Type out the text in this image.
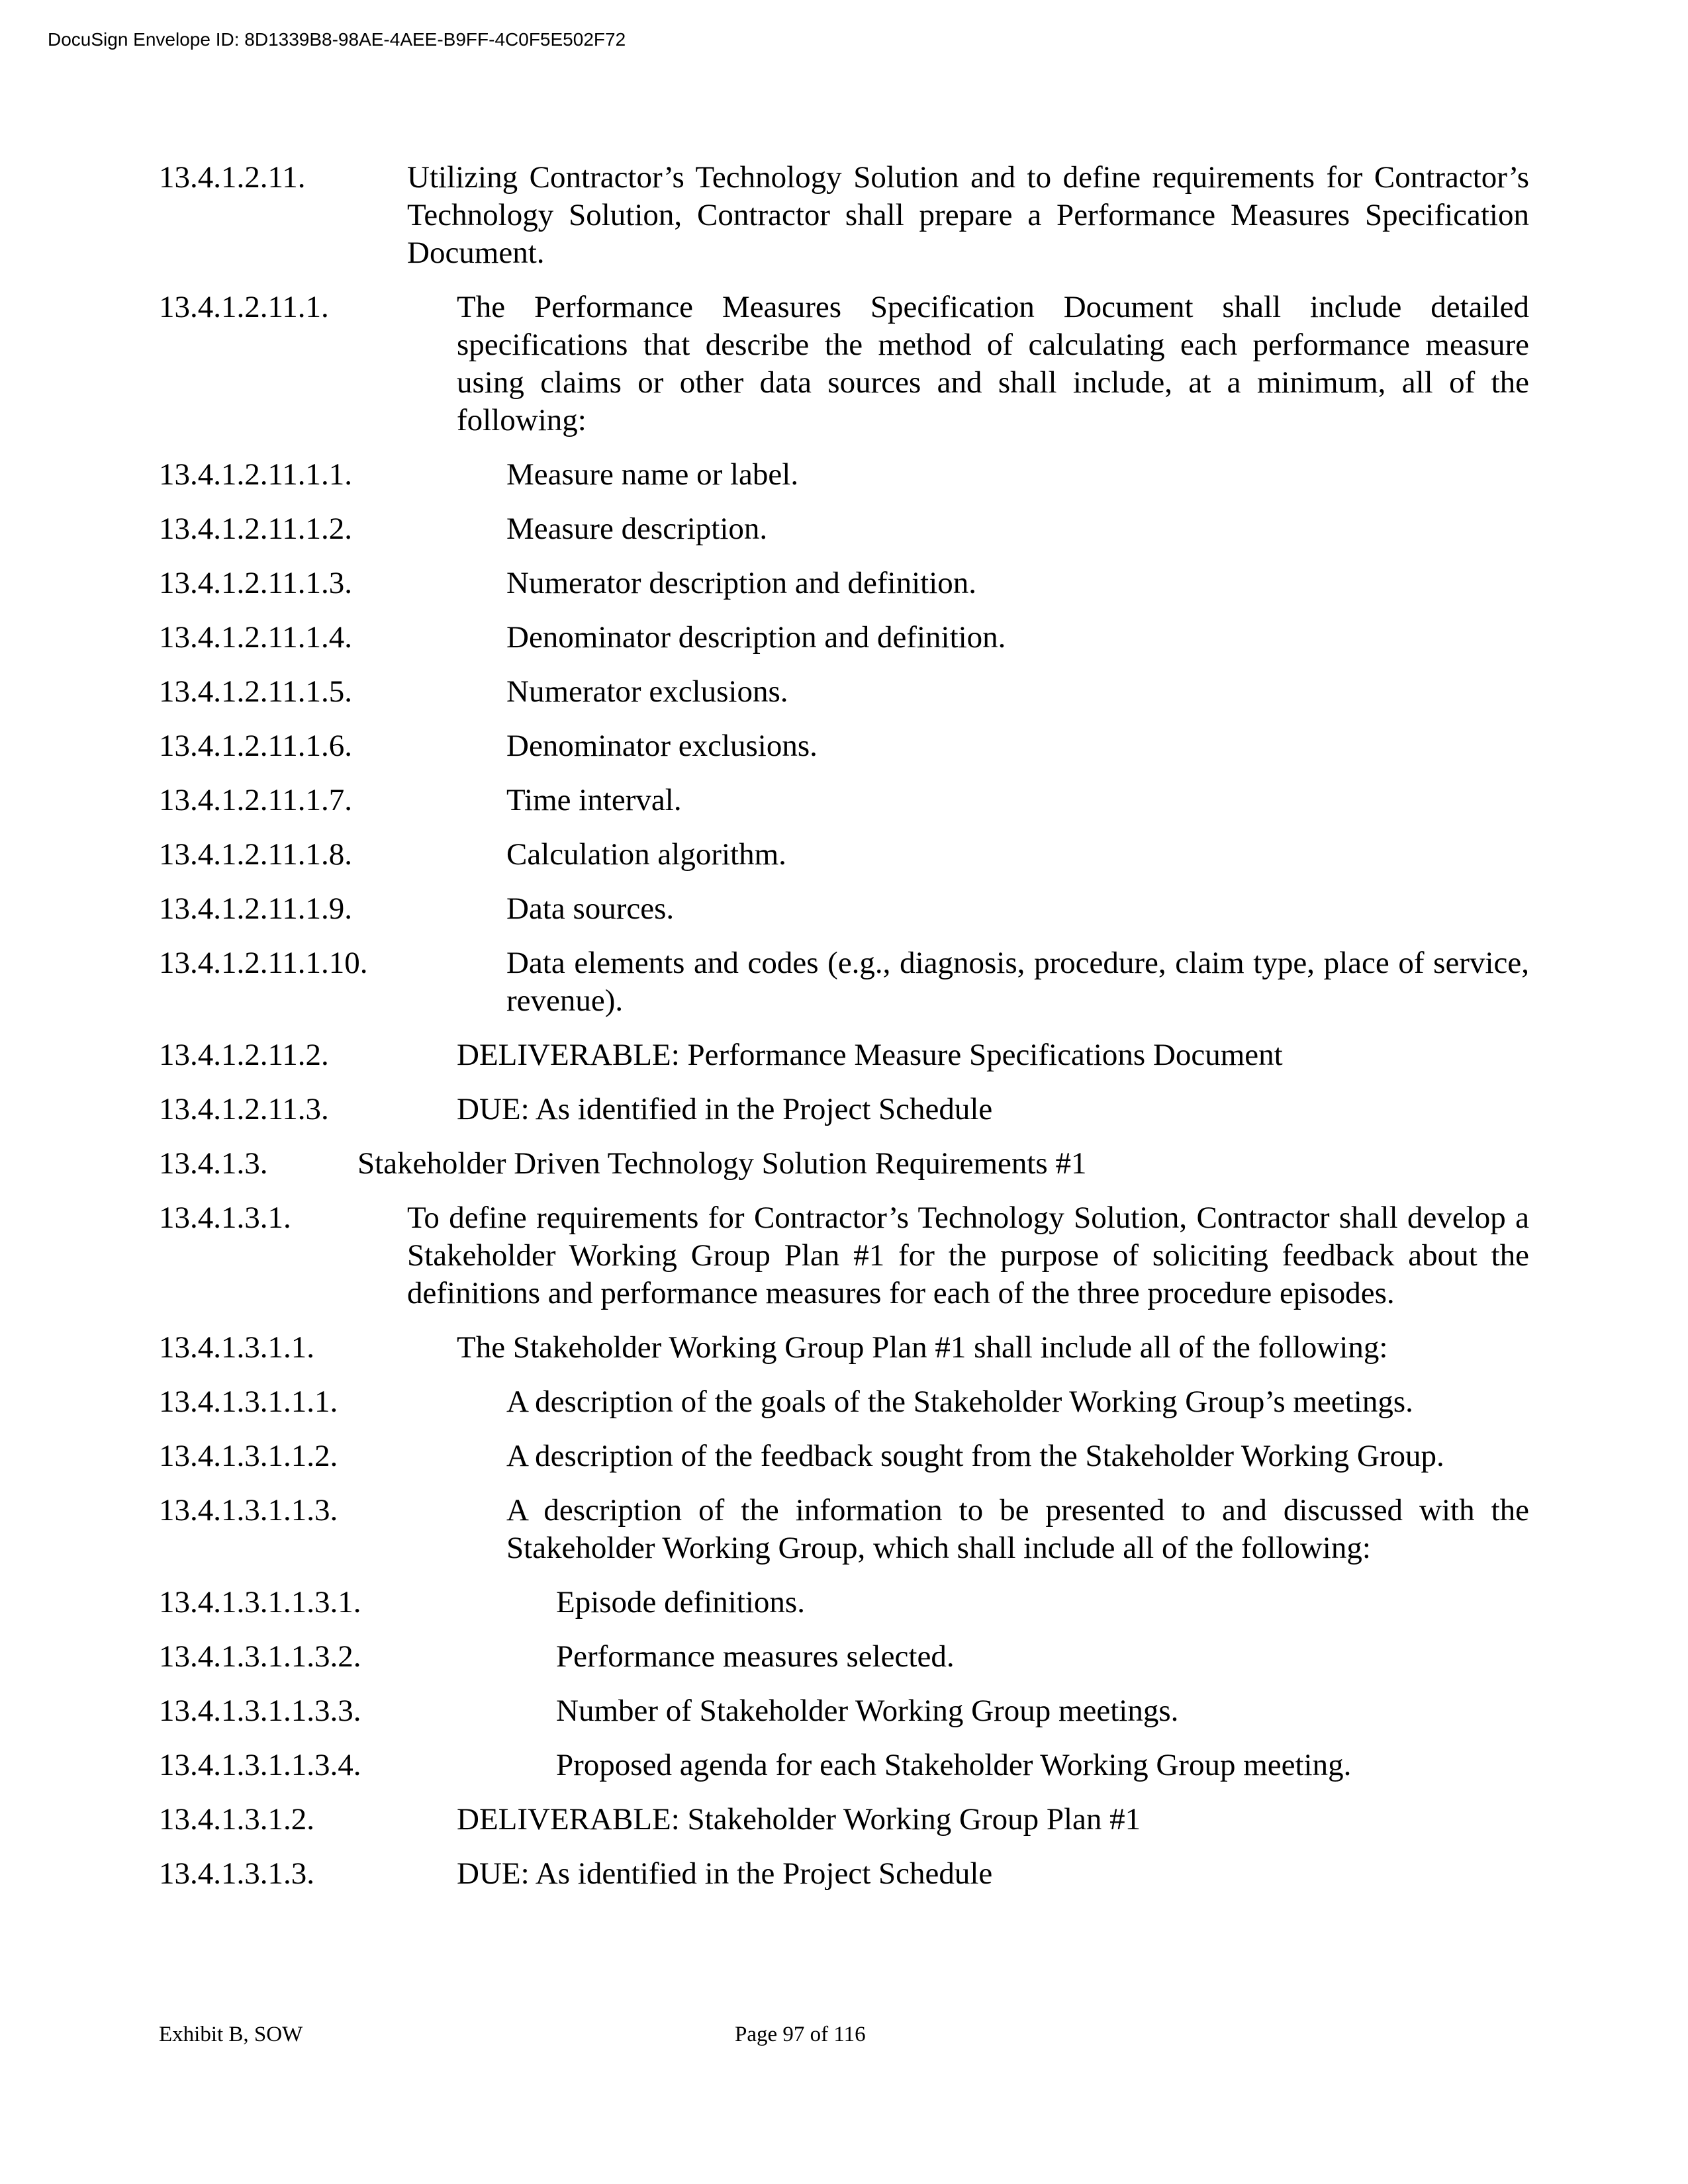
DocuSign Envelope ID: 8D1339B8-98AE-4AEE-B9FF-4C0F5E502F72
13.4.1.2.11.	Utilizing Contractor’s Technology Solution and to define requirements for Contractor’s Technology Solution, Contractor shall prepare a Performance Measures Specification Document.
13.4.1.2.11.1.	The Performance Measures Specification Document shall include detailed specifications that describe the method of calculating each performance measure using claims or other data sources and shall include, at a minimum, all of the following:
13.4.1.2.11.1.1.	Measure name or label.
13.4.1.2.11.1.2.	Measure description.
13.4.1.2.11.1.3.	Numerator description and definition.
13.4.1.2.11.1.4.	Denominator description and definition.
13.4.1.2.11.1.5.	Numerator exclusions.
13.4.1.2.11.1.6.	Denominator exclusions.
13.4.1.2.11.1.7.	Time interval.
13.4.1.2.11.1.8.	Calculation algorithm.
13.4.1.2.11.1.9.	Data sources.
13.4.1.2.11.1.10.	Data elements and codes (e.g., diagnosis, procedure, claim type, place of service, revenue).
13.4.1.2.11.2.	DELIVERABLE: Performance Measure Specifications Document
13.4.1.2.11.3.	DUE: As identified in the Project Schedule
13.4.1.3.	Stakeholder Driven Technology Solution Requirements #1
13.4.1.3.1.	To define requirements for Contractor’s Technology Solution, Contractor shall develop a Stakeholder Working Group Plan #1 for the purpose of soliciting feedback about the definitions and performance measures for each of the three procedure episodes.
13.4.1.3.1.1.	The Stakeholder Working Group Plan #1 shall include all of the following:
13.4.1.3.1.1.1.	A description of the goals of the Stakeholder Working Group’s meetings.
13.4.1.3.1.1.2.	A description of the feedback sought from the Stakeholder Working Group.
13.4.1.3.1.1.3.	A description of the information to be presented to and discussed with the Stakeholder Working Group, which shall include all of the following:
13.4.1.3.1.1.3.1.	Episode definitions.
13.4.1.3.1.1.3.2.	Performance measures selected.
13.4.1.3.1.1.3.3.	Number of Stakeholder Working Group meetings.
13.4.1.3.1.1.3.4.	Proposed agenda for each Stakeholder Working Group meeting.
13.4.1.3.1.2.	DELIVERABLE: Stakeholder Working Group Plan #1
13.4.1.3.1.3.	DUE: As identified in the Project Schedule
Exhibit B, SOW	Page 97 of 116
